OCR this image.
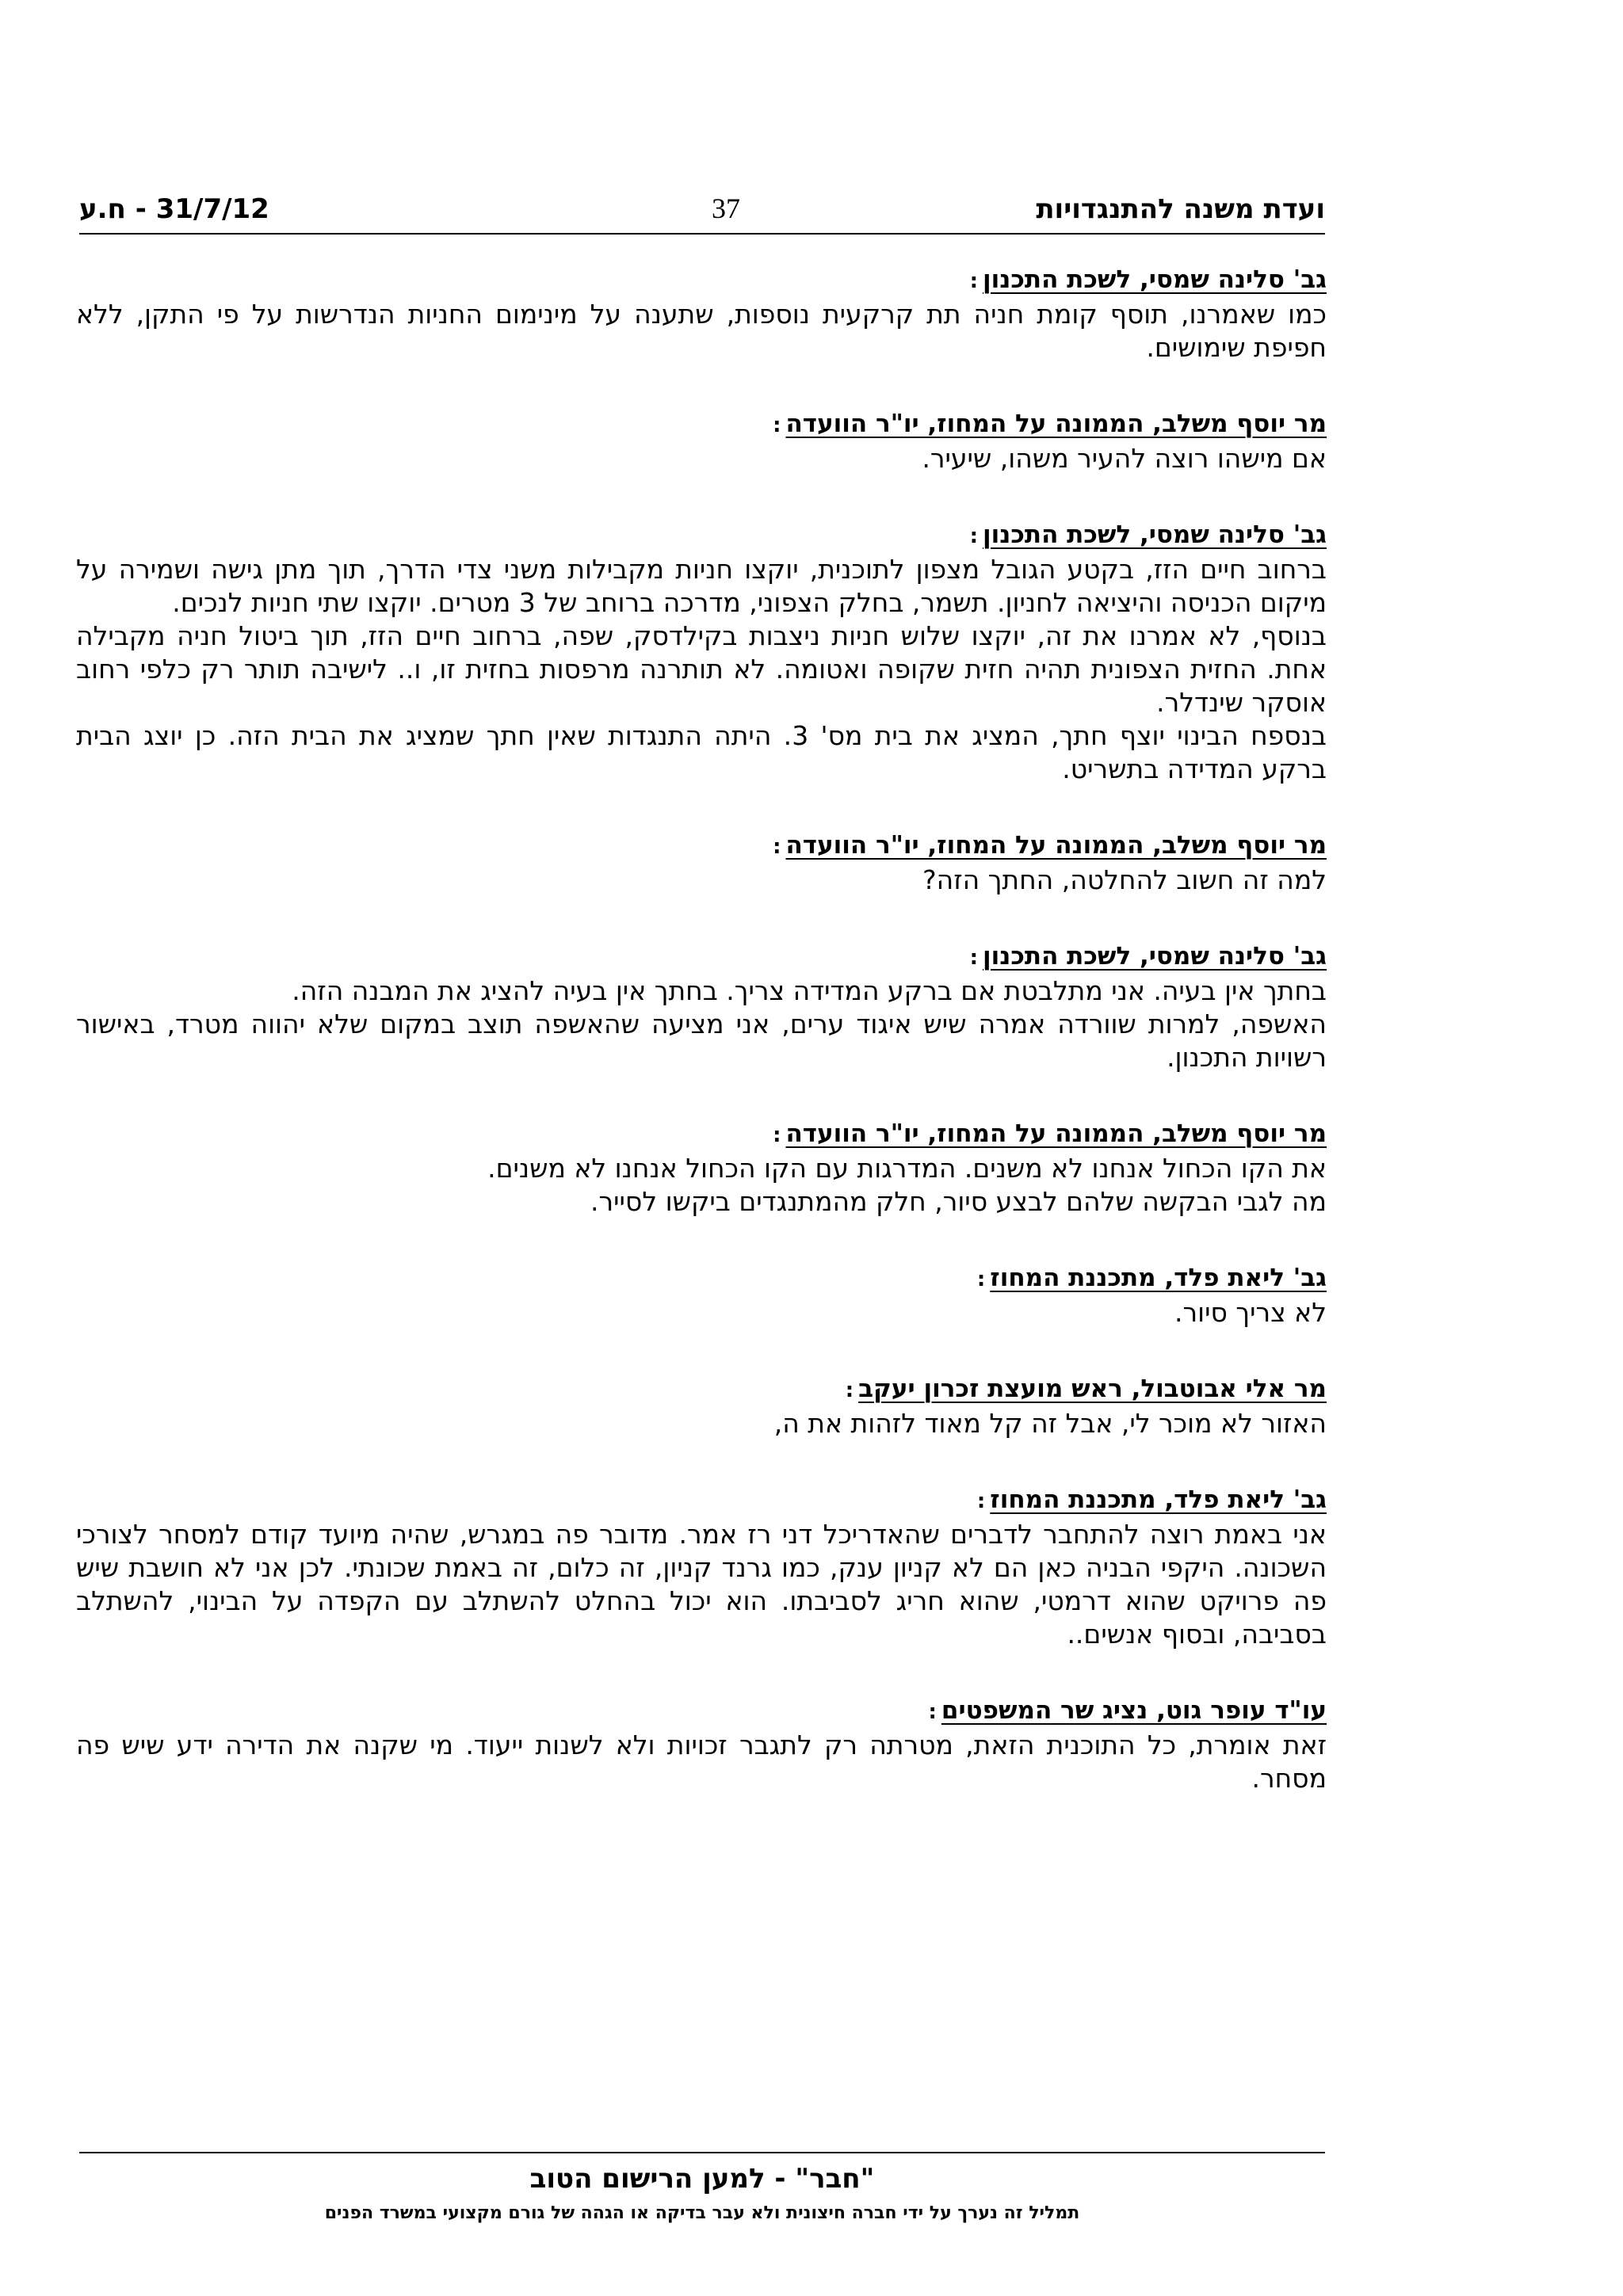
ועדת משנה להתנגדויות
37
31/7/12 - ח.ע
גב' סלינה שמסי, לשכת התכנון:

כמו שאמרנו, תוסף קומת חניה תת קרקעית נוספות, שתענה על מינימום החניות הנדרשות על פי התקן, ללא חפיפת שימושים.

מר יוסף משלב, הממונה על המחוז, יו"ר הוועדה:

אם מישהו רוצה להעיר משהו, שיעיר.

גב' סלינה שמסי, לשכת התכנון:

ברחוב חיים הזז, בקטע הגובל מצפון לתוכנית, יוקצו חניות מקבילות משני צדי הדרך, תוך מתן גישה ושמירה על מיקום הכניסה והיציאה לחניון. תשמר, בחלק הצפוני, מדרכה ברוחב של 3 מטרים. יוקצו שתי חניות לנכים.

בנוסף, לא אמרנו את זה, יוקצו שלוש חניות ניצבות בקילדסק, שפה, ברחוב חיים הזז, תוך ביטול חניה מקבילה אחת. החזית הצפונית תהיה חזית שקופה ואטומה. לא תותרנה מרפסות בחזית זו, ו.. לישיבה תותר רק כלפי רחוב אוסקר שינדלר.

בנספח הבינוי יוצף חתך, המציג את בית מס' 3. היתה התנגדות שאין חתך שמציג את הבית הזה. כן יוצג הבית ברקע המדידה בתשריט.

מר יוסף משלב, הממונה על המחוז, יו"ר הוועדה:

למה זה חשוב להחלטה, החתך הזה?

גב' סלינה שמסי, לשכת התכנון:

בחתך אין בעיה. אני מתלבטת אם ברקע המדידה צריך. בחתך אין בעיה להציג את המבנה הזה.

האשפה, למרות שוורדה אמרה שיש איגוד ערים, אני מציעה שהאשפה תוצב במקום שלא יהווה מטרד, באישור רשויות התכנון.

מר יוסף משלב, הממונה על המחוז, יו"ר הוועדה:

את הקו הכחול אנחנו לא משנים. המדרגות עם הקו הכחול אנחנו לא משנים.

מה לגבי הבקשה שלהם לבצע סיור, חלק מהמתנגדים ביקשו לסייר.

גב' ליאת פלד, מתכננת המחוז:

לא צריך סיור.

מר אלי אבוטבול, ראש מועצת זכרון יעקב:

האזור לא מוכר לי, אבל זה קל מאוד לזהות את ה,

גב' ליאת פלד, מתכננת המחוז:

אני באמת רוצה להתחבר לדברים שהאדריכל דני רז אמר. מדובר פה במגרש, שהיה מיועד קודם למסחר לצורכי השכונה. היקפי הבניה כאן הם לא קניון ענק, כמו גרנד קניון, זה כלום, זה באמת שכונתי. לכן אני לא חושבת שיש פה פרויקט שהוא דרמטי, שהוא חריג לסביבתו. הוא יכול בהחלט להשתלב עם הקפדה על הבינוי, להשתלב בסביבה, ובסוף אנשים..

עו"ד עופר גוט, נציג שר המשפטים:

זאת אומרת, כל התוכנית הזאת, מטרתה רק לתגבר זכויות ולא לשנות ייעוד. מי שקנה את הדירה ידע שיש פה מסחר.

"חבר" - למען הרישום הטוב
תמליל זה נערך על ידי חברה חיצונית ולא עבר בדיקה או הגהה של גורם מקצועי במשרד הפנים
